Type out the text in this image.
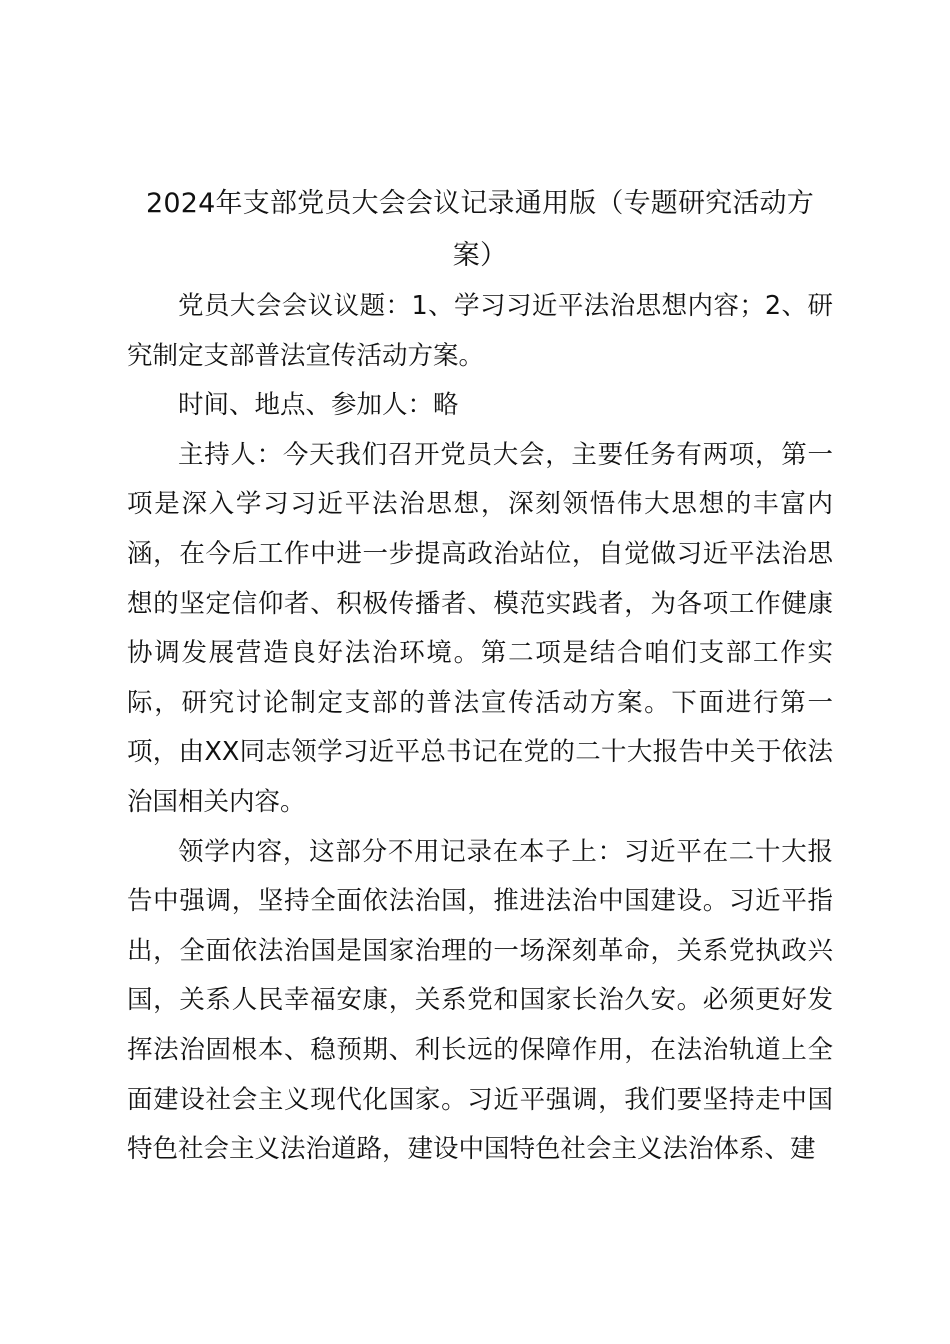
2024年支部党员大会会议记录通用版（专题研究活动方案）

党员大会会议议题：1、学习习近平法治思想内容；2、研究制定支部普法宣传活动方案。

时间、地点、参加人：略

主持人：今天我们召开党员大会，主要任务有两项，第一项是深入学习习近平法治思想，深刻领悟伟大思想的丰富内涵，在今后工作中进一步提高政治站位，自觉做习近平法治思想的坚定信仰者、积极传播者、模范实践者，为各项工作健康协调发展营造良好法治环境。第二项是结合咱们支部工作实际，研究讨论制定支部的普法宣传活动方案。下面进行第一项，由XX同志领学习近平总书记在党的二十大报告中关于依法治国相关内容。

领学内容，这部分不用记录在本子上：习近平在二十大报告中强调，坚持全面依法治国，推进法治中国建设。习近平指出，全面依法治国是国家治理的一场深刻革命，关系党执政兴国，关系人民幸福安康，关系党和国家长治久安。必须更好发挥法治固根本、稳预期、利长远的保障作用，在法治轨道上全面建设社会主义现代化国家。习近平强调，我们要坚持走中国特色社会主义法治道路，建设中国特色社会主义法治体系、建
